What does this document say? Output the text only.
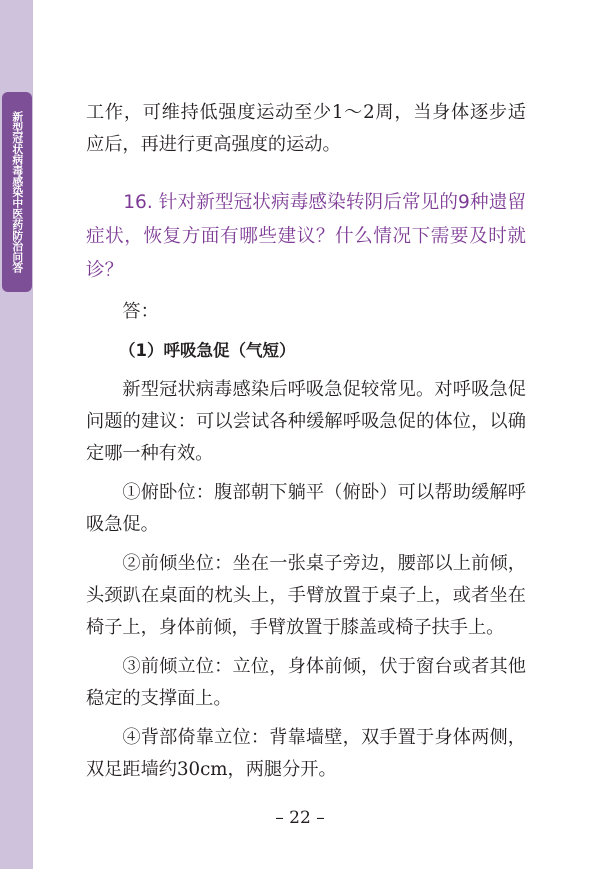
新型冠状病毒感染中医药防治问答	工作，可维持低强度运动至少1～2周，当身体逐步适应后，再进行更高强度的运动。

16. 针对新型冠状病毒感染转阴后常见的9种遗留症状，恢复方面有哪些建议？什么情况下需要及时就诊？

答：

（1）呼吸急促（气短）

新型冠状病毒感染后呼吸急促较常见。对呼吸急促问题的建议：可以尝试各种缓解呼吸急促的体位，以确定哪一种有效。

①俯卧位：腹部朝下躺平（俯卧）可以帮助缓解呼吸急促。

②前倾坐位：坐在一张桌子旁边，腰部以上前倾，头颈趴在桌面的枕头上，手臂放置于桌子上，或者坐在椅子上，身体前倾，手臂放置于膝盖或椅子扶手上。

③前倾立位：立位，身体前倾，伏于窗台或者其他稳定的支撑面上。

④背部倚靠立位：背靠墙壁，双手置于身体两侧，双足距墙约30cm，两腿分开。

– 22 –
